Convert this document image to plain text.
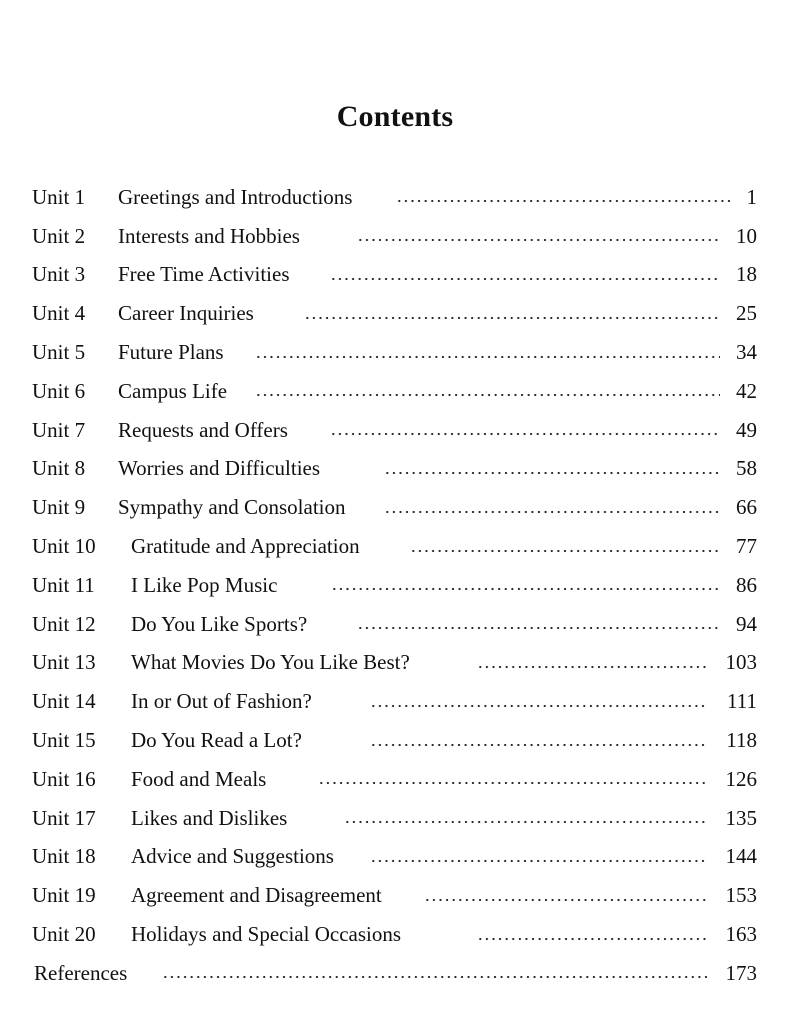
Contents
Unit 1 Greetings and Introductions	1
Unit 2 Interests and Hobbies	10
Unit 3 Free Time Activities	18
Unit 4 Career Inquiries	25
Unit 5 Future Plans	34
Unit 6 Campus Life	42
Unit 7 Requests and Offers	49
Unit 8 Worries and Difficulties	58
Unit 9 Sympathy and Consolation	66
Unit 10 Gratitude and Appreciation	77
Unit 11 I Like Pop Music	86
Unit 12 Do You Like Sports?	94
Unit 13 What Movies Do You Like Best?	103
Unit 14 In or Out of Fashion?	111
Unit 15 Do You Read a Lot?	118
Unit 16 Food and Meals	126
Unit 17 Likes and Dislikes	135
Unit 18 Advice and Suggestions	144
Unit 19 Agreement and Disagreement	153
Unit 20 Holidays and Special Occasions	163
References	173
